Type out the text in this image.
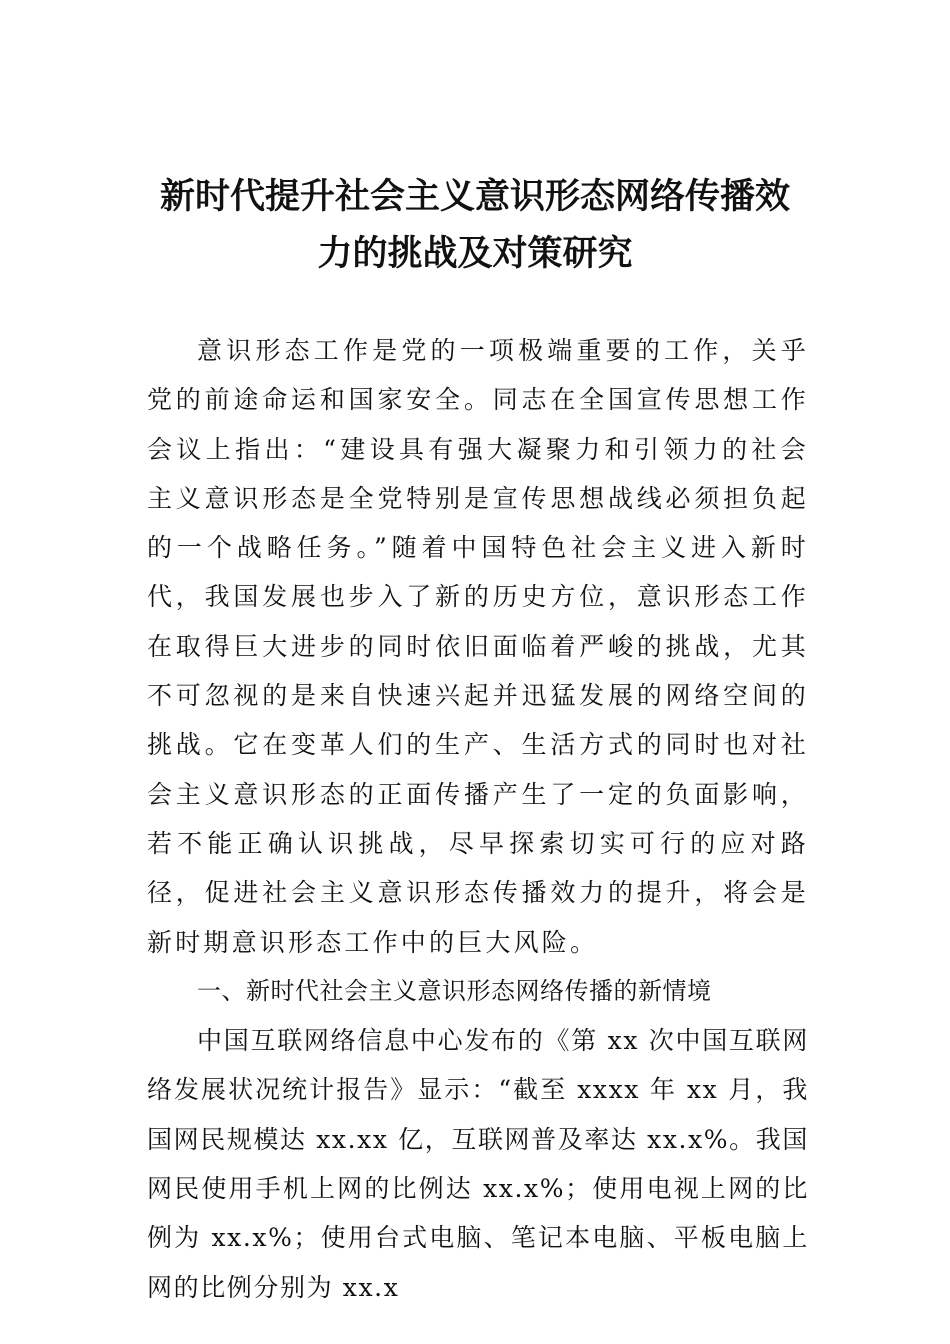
新时代提升社会主义意识形态网络传播效
力的挑战及对策研究

意识形态工作是党的一项极端重要的工作，关乎党的前途命运和国家安全。同志在全国宣传思想工作会议上指出：“建设具有强大凝聚力和引领力的社会主义意识形态是全党特别是宣传思想战线必须担负起的一个战略任务。”随着中国特色社会主义进入新时代，我国发展也步入了新的历史方位，意识形态工作在取得巨大进步的同时依旧面临着严峻的挑战，尤其不可忽视的是来自快速兴起并迅猛发展的网络空间的挑战。它在变革人们的生产、生活方式的同时也对社会主义意识形态的正面传播产生了一定的负面影响，若不能正确认识挑战，尽早探索切实可行的应对路径，促进社会主义意识形态传播效力的提升，将会是新时期意识形态工作中的巨大风险。

一、新时代社会主义意识形态网络传播的新情境

中国互联网络信息中心发布的《第 xx 次中国互联网络发展状况统计报告》显示：“截至 xxxx 年 xx 月，我国网民规模达 xx.xx 亿，互联网普及率达 xx.x%。我国网民使用手机上网的比例达 xx.x%；使用电视上网的比例为 xx.x%；使用台式电脑、笔记本电脑、平板电脑上网的比例分别为 xx.x
